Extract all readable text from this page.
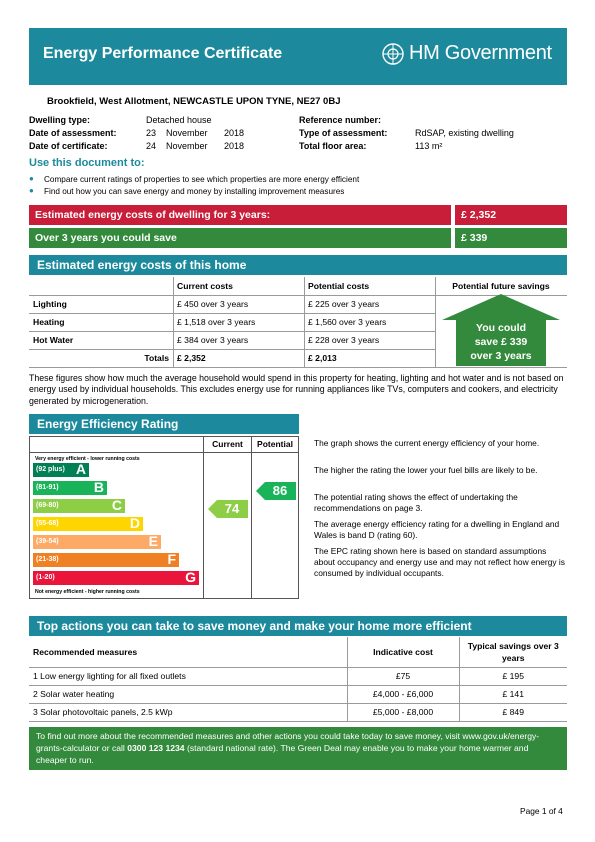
Energy Performance Certificate	HM Government
Brookfield, West Allotment, NEWCASTLE UPON TYNE, NE27 0BJ
Dwelling type:	Detached house
Date of assessment:	23 November 2018
Date of certificate:	24 November 2018
Reference number:
Type of assessment:	RdSAP, existing dwelling
Total floor area:	113 m²
Use this document to:
● Compare current ratings of properties to see which properties are more energy efficient
● Find out how you can save energy and money by installing improvement measures
Estimated energy costs of dwelling for 3 years:	£ 2,352
Over 3 years you could save	£ 339
Estimated energy costs of this home
	Current costs	Potential costs	Potential future savings
Lighting	£ 450 over 3 years	£ 225 over 3 years	
Heating	£ 1,518 over 3 years	£ 1,560 over 3 years	
Hot Water	£ 384 over 3 years	£ 228 over 3 years	
Totals	£ 2,352	£ 2,013	
You could
save £ 339
over 3 years
These figures show how much the average household would spend in this property for heating, lighting and hot water and is not based on energy used by individual households. This excludes energy use for running appliances like TVs, computers and cookers, and electricity generated by microgeneration.
Energy Efficiency Rating
Current	Potential
Very energy efficient - lower running costs
Not energy efficient - higher running costs
(92 plus) A
(81-91)	B
(69-80)	C
(55-68)	D
(39-54)	E
(21-38)	F
(1-20)	G
74
86
The graph shows the current energy efficiency of your home.
The higher the rating the lower your fuel bills are likely to be.
The potential rating shows the effect of undertaking the recommendations on page 3.
The average energy efficiency rating for a dwelling in England and Wales is band D (rating 60).
The EPC rating shown here is based on standard assumptions about occupancy and energy use and may not reflect how energy is consumed by individual occupants.
Top actions you can take to save money and make your home more efficient
Recommended measures	Indicative cost	Typical savings over 3 years
1 Low energy lighting for all fixed outlets	£75	£ 195
2 Solar water heating	£4,000 - £6,000	£ 141
3 Solar photovoltaic panels, 2.5 kWp	£5,000 - £8,000	£ 849
To find out more about the recommended measures and other actions you could take today to save money, visit www.gov.uk/energy-grants-calculator or call 0300 123 1234 (standard national rate). The Green Deal may enable you to make your home warmer and cheaper to run.
Page 1 of 4
